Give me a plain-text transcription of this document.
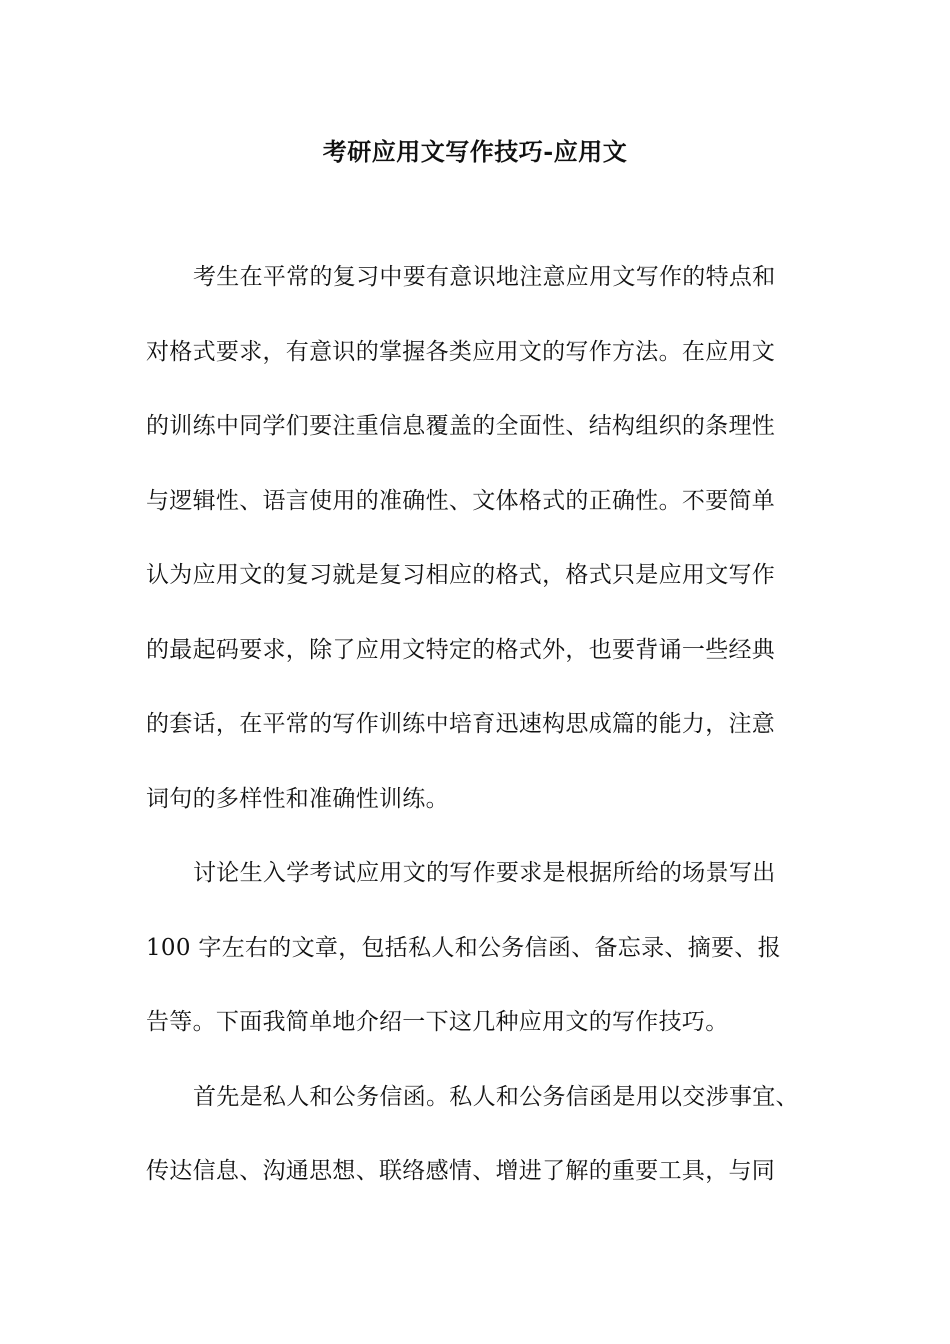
考研应用文写作技巧-应用文
考生在平常的复习中要有意识地注意应用文写作的特点和
对格式要求，有意识的掌握各类应用文的写作方法。在应用文
的训练中同学们要注重信息覆盖的全面性、结构组织的条理性
与逻辑性、语言使用的准确性、文体格式的正确性。不要简单
认为应用文的复习就是复习相应的格式，格式只是应用文写作
的最起码要求，除了应用文特定的格式外，也要背诵一些经典
的套话，在平常的写作训练中培育迅速构思成篇的能力，注意
词句的多样性和准确性训练。
讨论生入学考试应用文的写作要求是根据所给的场景写出
100 字左右的文章，包括私人和公务信函、备忘录、摘要、报
告等。下面我简单地介绍一下这几种应用文的写作技巧。
首先是私人和公务信函。私人和公务信函是用以交涉事宜、
传达信息、沟通思想、联络感情、增进了解的重要工具，与同
